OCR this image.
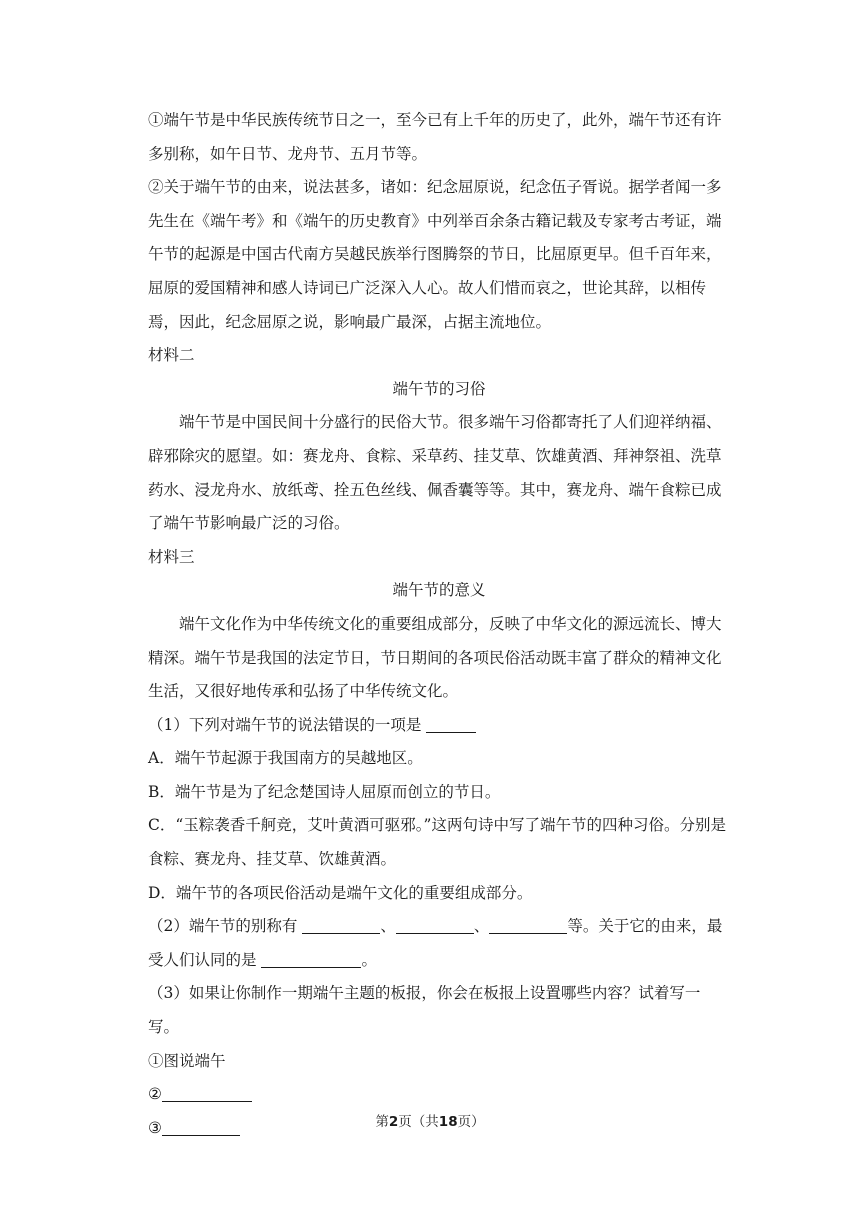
①端午节是中华民族传统节日之一，至今已有上千年的历史了，此外，端午节还有许多别称，如午日节、龙舟节、五月节等。

②关于端午节的由来，说法甚多，诸如：纪念屈原说，纪念伍子胥说。据学者闻一多先生在《端午考》和《端午的历史教育》中列举百余条古籍记载及专家考古考证，端午节的起源是中国古代南方吴越民族举行图腾祭的节日，比屈原更早。但千百年来，屈原的爱国精神和感人诗词已广泛深入人心。故人们惜而哀之，世论其辞，以相传焉，因此，纪念屈原之说，影响最广最深，占据主流地位。

材料二

端午节的习俗

端午节是中国民间十分盛行的民俗大节。很多端午习俗都寄托了人们迎祥纳福、辟邪除灾的愿望。如：赛龙舟、食粽、采草药、挂艾草、饮雄黄酒、拜神祭祖、洗草药水、浸龙舟水、放纸鸢、拴五色丝线、佩香囊等等。其中，赛龙舟、端午食粽已成了端午节影响最广泛的习俗。

材料三

端午节的意义

端午文化作为中华传统文化的重要组成部分，反映了中华文化的源远流长、博大精深。端午节是我国的法定节日，节日期间的各项民俗活动既丰富了群众的精神文化生活，又很好地传承和弘扬了中华传统文化。

（1）下列对端午节的说法错误的一项是

A．端午节起源于我国南方的吴越地区。

B．端午节是为了纪念楚国诗人屈原而创立的节日。

C．“玉粽袭香千舸竞，艾叶黄酒可驱邪。”这两句诗中写了端午节的四种习俗。分别是食粽、赛龙舟、挂艾草、饮雄黄酒。

D．端午节的各项民俗活动是端午文化的重要组成部分。

（2）端午节的别称有	、	、	等。关于它的由来，最受人们认同的是	。

（3）如果让你制作一期端午主题的板报，你会在板报上设置哪些内容？试着写一写。

①图说端午

②

③	第2页（共18页）
